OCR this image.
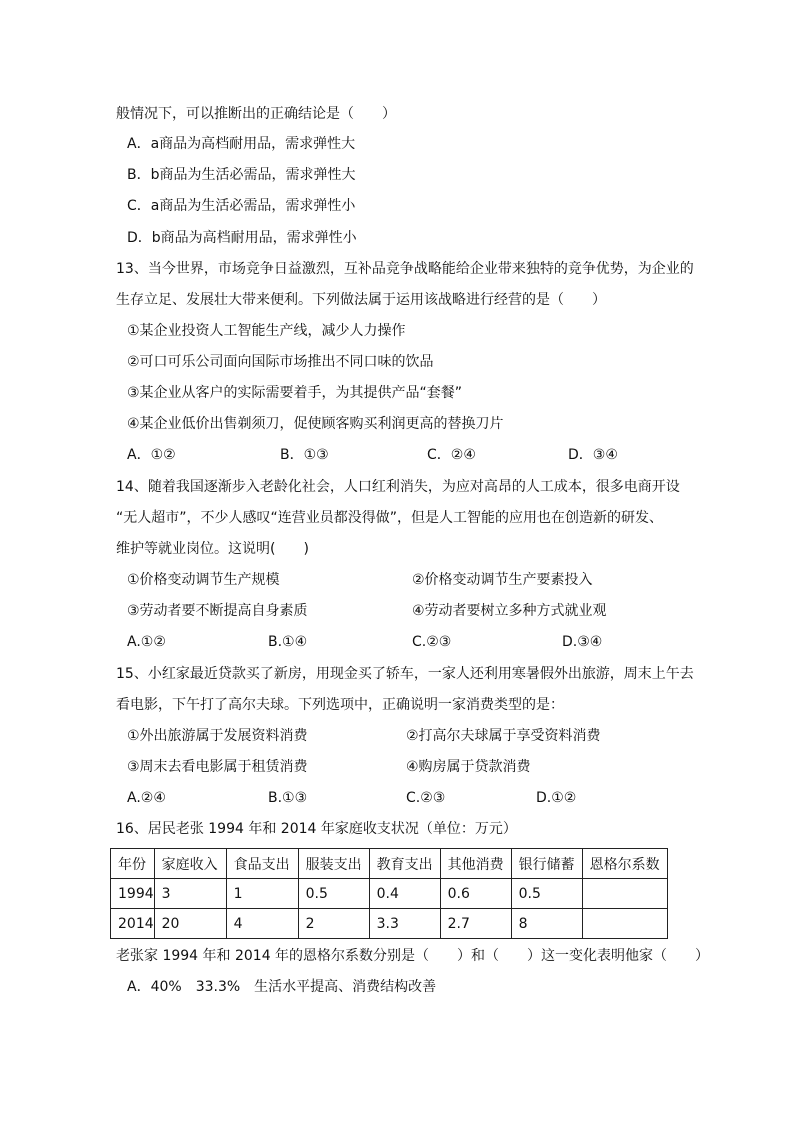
般情况下，可以推断出的正确结论是（　　）
A．a商品为高档耐用品，需求弹性大
B．b商品为生活必需品，需求弹性大
C．a商品为生活必需品，需求弹性小
D．b商品为高档耐用品，需求弹性小
13、当今世界，市场竞争日益激烈，互补品竞争战略能给企业带来独特的竞争优势，为企业的
生存立足、发展壮大带来便利。下列做法属于运用该战略进行经营的是（　　）
①某企业投资人工智能生产线，减少人力操作
②可口可乐公司面向国际市场推出不同口味的饮品
③某企业从客户的实际需要着手，为其提供产品“套餐”
④某企业低价出售剃须刀，促使顾客购买利润更高的替换刀片
A．①②	B．①③	C．②④	D．③④
14、随着我国逐渐步入老龄化社会，人口红利消失，为应对高昂的人工成本，很多电商开设
“无人超市”，不少人感叹“连营业员都没得做”，但是人工智能的应用也在创造新的研发、
维护等就业岗位。这说明(　　)
①价格变动调节生产规模	②价格变动调节生产要素投入
③劳动者要不断提高自身素质	④劳动者要树立多种方式就业观
A.①②	B.①④	C.②③	D.③④
15、小红家最近贷款买了新房，用现金买了轿车，一家人还利用寒暑假外出旅游，周末上午去
看电影，下午打了高尔夫球。下列选项中，正确说明一家消费类型的是：
①外出旅游属于发展资料消费	②打高尔夫球属于享受资料消费
③周末去看电影属于租赁消费	④购房属于贷款消费
A.②④	B.①③	C.②③	D.①②
16、居民老张 1994 年和 2014 年家庭收支状况（单位：万元）
年份	家庭收入	食品支出	服装支出	教育支出	其他消费	银行储蓄	恩格尔系数
1994	3	1	0.5	0.4	0.6	0.5	
2014	20	4	2	3.3	2.7	8	
老张家 1994 年和 2014 年的恩格尔系数分别是（　　）和（　　）这一变化表明他家（　　）
A．40%　33.3%　生活水平提高、消费结构改善
